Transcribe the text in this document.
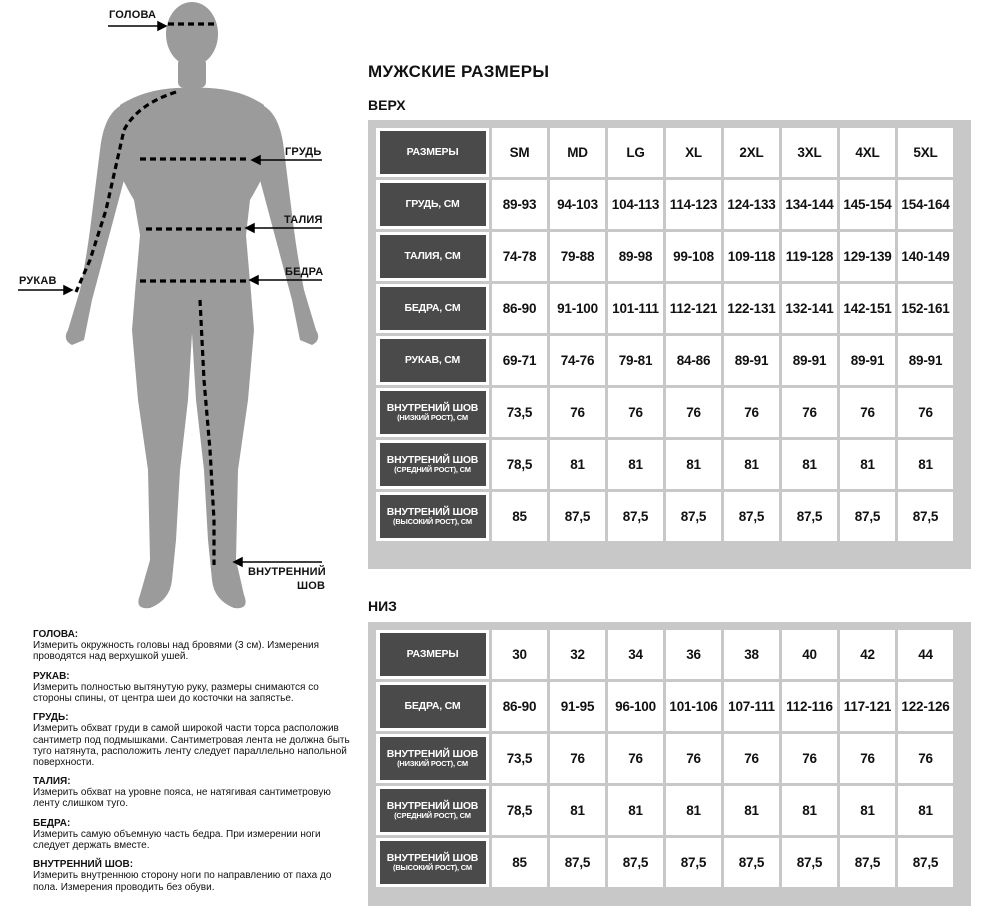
ГОЛОВА
ГРУДЬ
ТАЛИЯ
БЕДРА
РУКАВ
ВНУТРЕННИЙ
ШОВ
МУЖСКИЕ РАЗМЕРЫ
ВЕРХ
НИЗ
РАЗМЕРЫ	SM	MD	LG	XL	2XL	3XL	4XL	5XL

ГРУДЬ, СМ	89-93	94-103	104-113	114-123	124-133	134-144	145-154	154-164

ТАЛИЯ, СМ	74-78	79-88	89-98	99-108	109-118	119-128	129-139	140-149

БЕДРА, СМ	86-90	91-100	101-111	112-121	122-131	132-141	142-151	152-161

РУКАВ, СМ	69-71	74-76	79-81	84-86	89-91	89-91	89-91	89-91

ВНУТРЕНИЙ ШОВ
(НИЗКИЙ РОСТ), СМ	73,5	76	76	76	76	76	76	76

ВНУТРЕНИЙ ШОВ
(СРЕДНИЙ РОСТ), СМ	78,5	81	81	81	81	81	81	81

ВНУТРЕНИЙ ШОВ
(ВЫСОКИЙ РОСТ), СМ	85	87,5	87,5	87,5	87,5	87,5	87,5	87,5
РАЗМЕРЫ	30	32	34	36	38	40	42	44

БЕДРА, СМ	86-90	91-95	96-100	101-106	107-111	112-116	117-121	122-126

ВНУТРЕНИЙ ШОВ
(НИЗКИЙ РОСТ), СМ	73,5	76	76	76	76	76	76	76

ВНУТРЕНИЙ ШОВ
(СРЕДНИЙ РОСТ), СМ	78,5	81	81	81	81	81	81	81

ВНУТРЕНИЙ ШОВ
(ВЫСОКИЙ РОСТ), СМ	85	87,5	87,5	87,5	87,5	87,5	87,5	87,5
ГОЛОВА:
Измерить окружность головы над бровями (3 см). Измерения проводятся над верхушкой ушей.
РУКАВ:
Измерить полностью вытянутую руку, размеры снимаются со стороны спины, от центра шеи до косточки на запястье.
ГРУДЬ:
Измерить обхват груди в самой широкой части торса расположив сантиметр под подмышками. Сантиметровая лента не должна быть туго натянута, расположить ленту следует параллельно напольной поверхности.
ТАЛИЯ:
Измерить обхват на уровне пояса, не натягивая сантиметровую ленту слишком туго.
БЕДРА:
Измерить самую объемную часть бедра. При измерении ноги следует держать вместе.
ВНУТРЕННИЙ ШОВ:
Измерить внутреннюю сторону ноги по направлению от паха до пола. Измерения проводить без обуви.
